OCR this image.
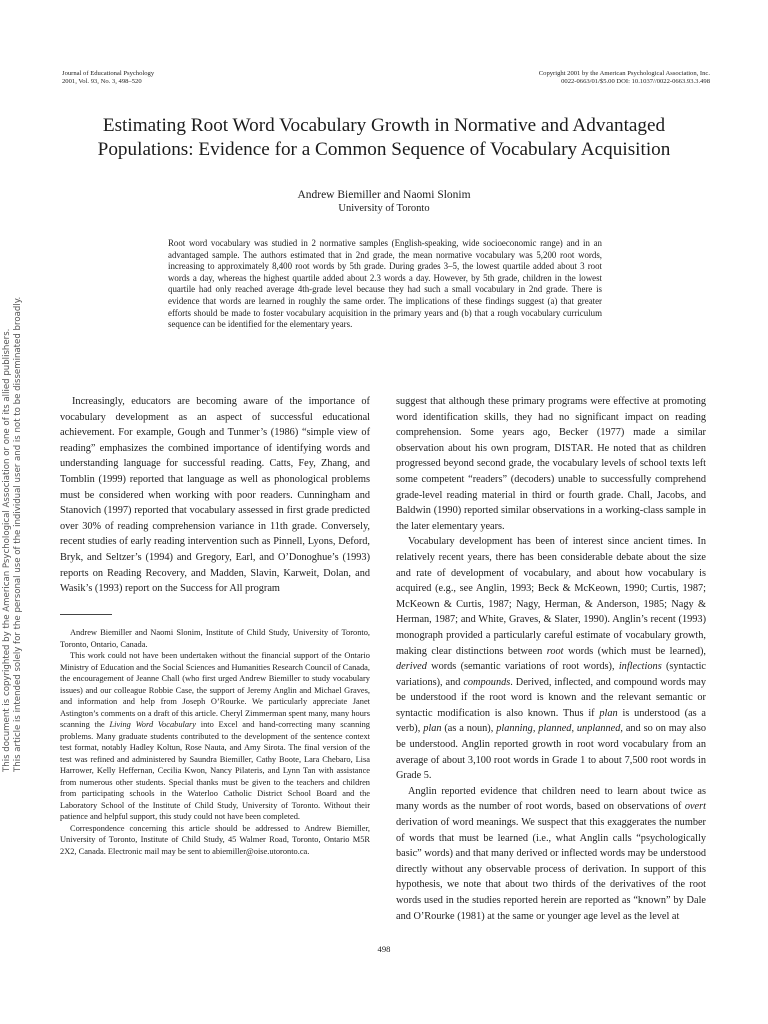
Journal of Educational Psychology
2001, Vol. 93, No. 3, 498–520
Copyright 2001 by the American Psychological Association, Inc.
0022-0663/01/$5.00 DOI: 10.1037//0022-0663.93.3.498
This document is copyrighted by the American Psychological Association or one of its allied publishers. This article is intended solely for the personal use of the individual user and is not to be disseminated broadly.
Estimating Root Word Vocabulary Growth in Normative and Advantaged
Populations: Evidence for a Common Sequence of Vocabulary Acquisition
Andrew Biemiller and Naomi Slonim
University of Toronto
Root word vocabulary was studied in 2 normative samples (English-speaking, wide socioeconomic range) and in an advantaged sample. The authors estimated that in 2nd grade, the mean normative vocabulary was 5,200 root words, increasing to approximately 8,400 root words by 5th grade. During grades 3–5, the lowest quartile added about 3 root words a day, whereas the highest quartile added about 2.3 words a day. However, by 5th grade, children in the lowest quartile had only reached average 4th-grade level because they had such a small vocabulary in 2nd grade. There is evidence that words are learned in roughly the same order. The implications of these findings suggest (a) that greater efforts should be made to foster vocabulary acquisition in the primary years and (b) that a rough vocabulary curriculum sequence can be identified for the elementary years.

Increasingly, educators are becoming aware of the importance of vocabulary development as an aspect of successful educational achievement. For example, Gough and Tunmer’s (1986) “simple view of reading” emphasizes the combined importance of identifying words and understanding language for successful reading. Catts, Fey, Zhang, and Tomblin (1999) reported that language as well as phonological problems must be considered when working with poor readers. Cunningham and Stanovich (1997) reported that vocabulary assessed in first grade predicted over 30% of reading comprehension variance in 11th grade. Conversely, recent studies of early reading intervention such as Pinnell, Lyons, Deford, Bryk, and Seltzer’s (1994) and Gregory, Earl, and O’Donoghue’s (1993) reports on Reading Recovery, and Madden, Slavin, Karweit, Dolan, and Wasik’s (1993) report on the Success for All program

Andrew Biemiller and Naomi Slonim, Institute of Child Study, University of Toronto, Toronto, Ontario, Canada.

This work could not have been undertaken without the financial support of the Ontario Ministry of Education and the Social Sciences and Humanities Research Council of Canada, the encouragement of Jeanne Chall (who first urged Andrew Biemiller to study vocabulary issues) and our colleague Robbie Case, the support of Jeremy Anglin and Michael Graves, and information and help from Joseph O’Rourke. We particularly appreciate Janet Astington’s comments on a draft of this article. Cheryl Zimmerman spent many, many hours scanning the Living Word Vocabulary into Excel and hand-correcting many scanning problems. Many graduate students contributed to the development of the sentence context test format, notably Hadley Koltun, Rose Nauta, and Amy Sirota. The final version of the test was refined and administered by Saundra Biemiller, Cathy Boote, Lara Chebaro, Lisa Harrower, Kelly Heffernan, Cecilia Kwon, Nancy Pilateris, and Lynn Tan with assistance from numerous other students. Special thanks must be given to the teachers and children from participating schools in the Waterloo Catholic District School Board and the Laboratory School of the Institute of Child Study, University of Toronto. Without their patience and helpful support, this study could not have been completed.

Correspondence concerning this article should be addressed to Andrew Biemiller, University of Toronto, Institute of Child Study, 45 Walmer Road, Toronto, Ontario M5R 2X2, Canada. Electronic mail may be sent to abiemiller@oise.utoronto.ca.

suggest that although these primary programs were effective at promoting word identification skills, they had no significant impact on reading comprehension. Some years ago, Becker (1977) made a similar observation about his own program, DISTAR. He noted that as children progressed beyond second grade, the vocabulary levels of school texts left some competent “readers” (decoders) unable to successfully comprehend grade-level reading material in third or fourth grade. Chall, Jacobs, and Baldwin (1990) reported similar observations in a working-class sample in the later elementary years.

Vocabulary development has been of interest since ancient times. In relatively recent years, there has been considerable debate about the size and rate of development of vocabulary, and about how vocabulary is acquired (e.g., see Anglin, 1993; Beck & McKeown, 1990; Curtis, 1987; McKeown & Curtis, 1987; Nagy, Herman, & Anderson, 1985; Nagy & Herman, 1987; and White, Graves, & Slater, 1990). Anglin’s recent (1993) monograph provided a particularly careful estimate of vocabulary growth, making clear distinctions between root words (which must be learned), derived words (semantic variations of root words), inflections (syntactic variations), and compounds. Derived, inflected, and compound words may be understood if the root word is known and the relevant semantic or syntactic modification is also known. Thus if plan is understood (as a verb), plan (as a noun), planning, planned, unplanned, and so on may also be understood. Anglin reported growth in root word vocabulary from an average of about 3,100 root words in Grade 1 to about 7,500 root words in Grade 5.

Anglin reported evidence that children need to learn about twice as many words as the number of root words, based on observations of overt derivation of word meanings. We suspect that this exaggerates the number of words that must be learned (i.e., what Anglin calls “psychologically basic” words) and that many derived or inflected words may be understood directly without any observable process of derivation. In support of this hypothesis, we note that about two thirds of the derivatives of the root words used in the studies reported herein are reported as “known” by Dale and O’Rourke (1981) at the same or younger age level as the level at

498
